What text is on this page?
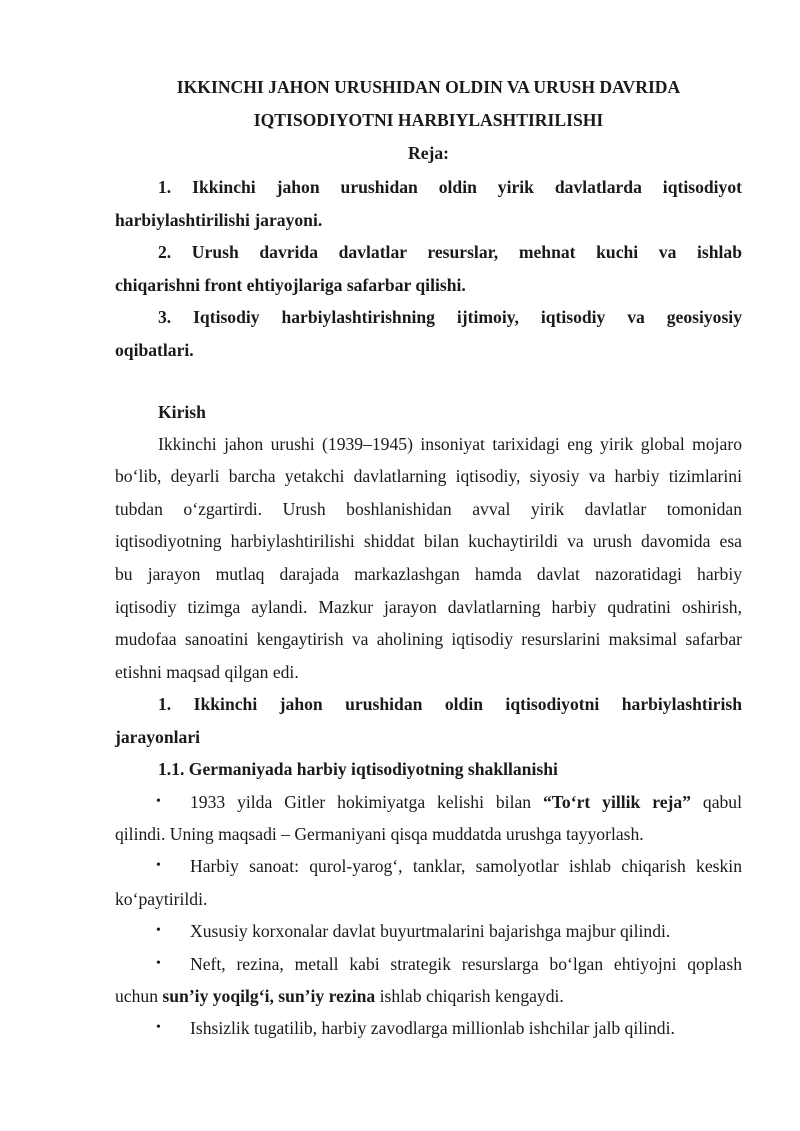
IKKINCHI JAHON URUSHIDAN OLDIN VA URUSH DAVRIDA
IQTISODIYOTNI HARBIYLASHTIRILISHI
Reja:
1. Ikkinchi jahon urushidan oldin yirik davlatlarda iqtisodiyot
harbiylashtirilishi jarayoni.
2. Urush davrida davlatlar resurslar, mehnat kuchi va ishlab
chiqarishni front ehtiyojlariga safarbar qilishi.
3. Iqtisodiy harbiylashtirishning ijtimoiy, iqtisodiy va geosiyosiy
oqibatlari.
Kirish
Ikkinchi jahon urushi (1939–1945) insoniyat tarixidagi eng yirik global mojaro
bo‘lib, deyarli barcha yetakchi davlatlarning iqtisodiy, siyosiy va harbiy tizimlarini
tubdan o‘zgartirdi. Urush boshlanishidan avval yirik davlatlar tomonidan
iqtisodiyotning harbiylashtirilishi shiddat bilan kuchaytirildi va urush davomida esa
bu jarayon mutlaq darajada markazlashgan hamda davlat nazoratidagi harbiy
iqtisodiy tizimga aylandi. Mazkur jarayon davlatlarning harbiy qudratini oshirish,
mudofaa sanoatini kengaytirish va aholining iqtisodiy resurslarini maksimal safarbar
etishni maqsad qilgan edi.
1. Ikkinchi jahon urushidan oldin iqtisodiyotni harbiylashtirish
jarayonlari
1.1. Germaniyada harbiy iqtisodiyotning shakllanishi
• 1933 yilda Gitler hokimiyatga kelishi bilan “To‘rt yillik reja” qabul
qilindi. Uning maqsadi – Germaniyani qisqa muddatda urushga tayyorlash.
• Harbiy sanoat: qurol-yarog‘, tanklar, samolyotlar ishlab chiqarish keskin
ko‘paytirildi.
• Xususiy korxonalar davlat buyurtmalarini bajarishga majbur qilindi.
• Neft, rezina, metall kabi strategik resurslarga bo‘lgan ehtiyojni qoplash
uchun sun’iy yoqilg‘i, sun’iy rezina ishlab chiqarish kengaydi.
• Ishsizlik tugatilib, harbiy zavodlarga millionlab ishchilar jalb qilindi.
